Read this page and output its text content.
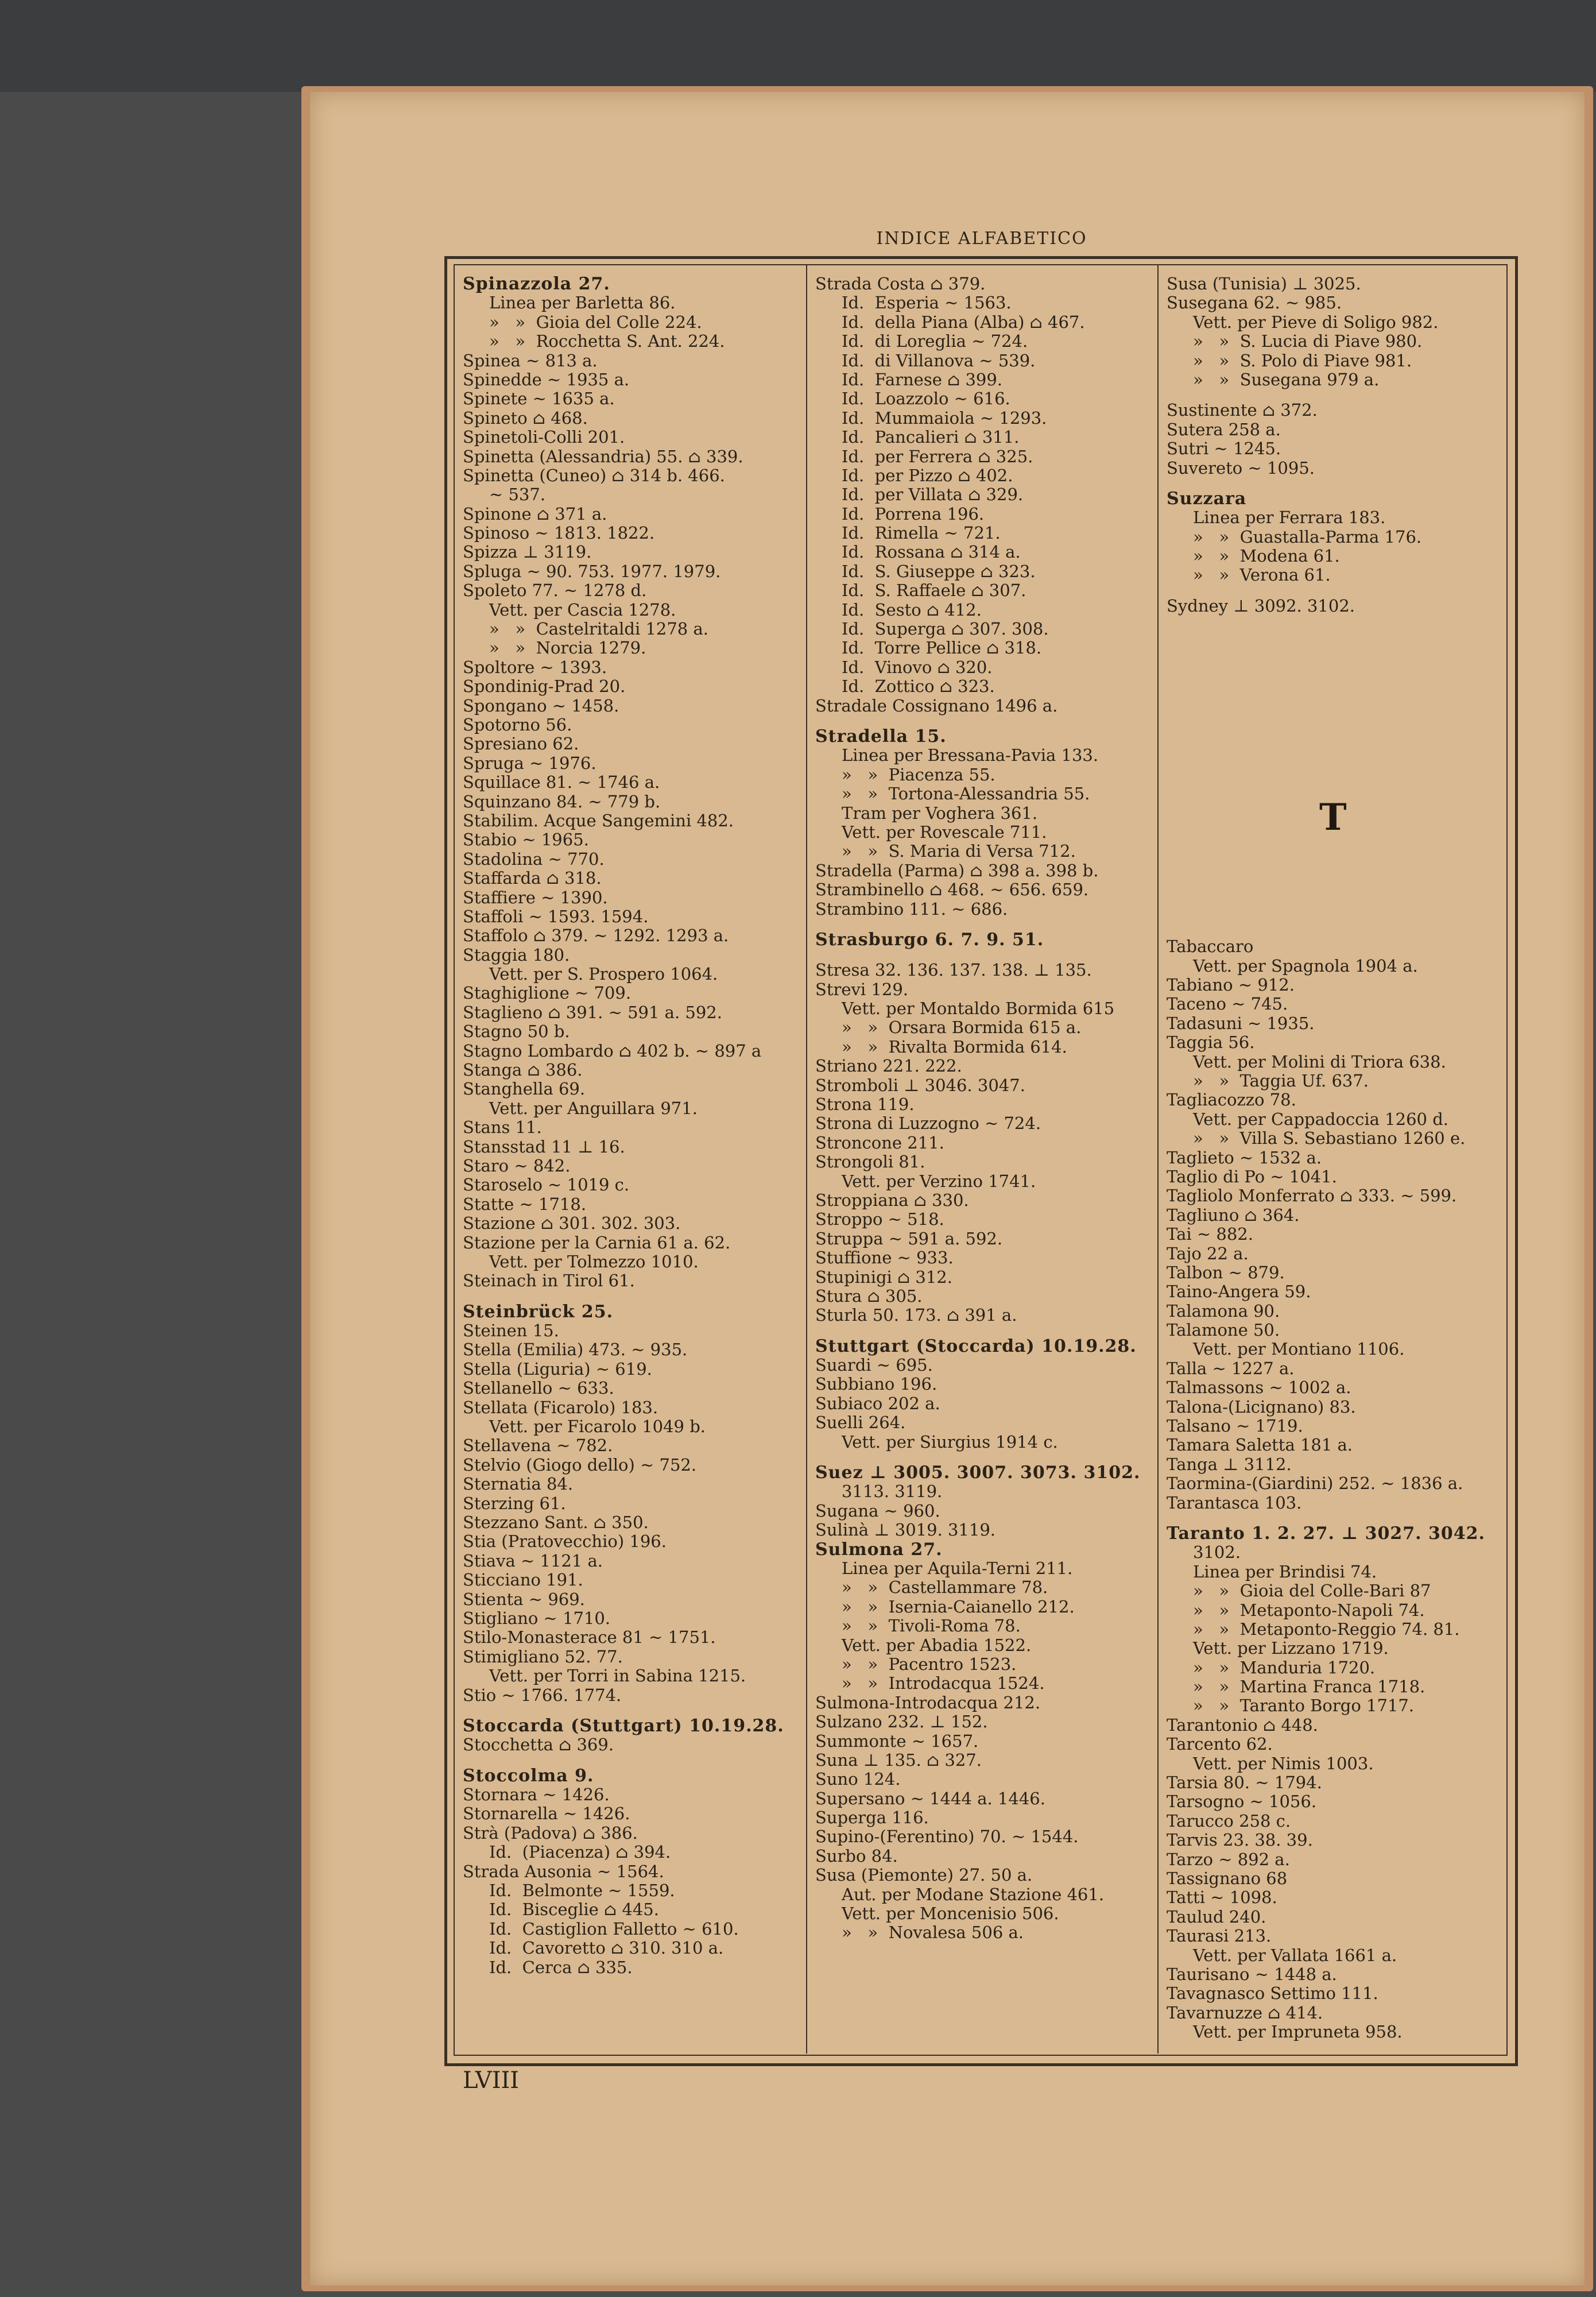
INDICE ALFABETICO
Spinazzola 27.
Linea per Barletta 86.
»   »  Gioia del Colle 224.
»   »  Rocchetta S. Ant. 224.
Spinea ~ 813 a.
Spinedde ~ 1935 a.
Spinete ~ 1635 a.
Spineto ⌂ 468.
Spinetoli-Colli 201.
Spinetta (Alessandria) 55. ⌂ 339.
Spinetta (Cuneo) ⌂ 314 b. 466.
~ 537.
Spinone ⌂ 371 a.
Spinoso ~ 1813. 1822.
Spizza ⊥ 3119.
Spluga ~ 90. 753. 1977. 1979.
Spoleto 77. ~ 1278 d.
Vett. per Cascia 1278.
»   »  Castelritaldi 1278 a.
»   »  Norcia 1279.
Spoltore ~ 1393.
Spondinig-Prad 20.
Spongano ~ 1458.
Spotorno 56.
Spresiano 62.
Spruga ~ 1976.
Squillace 81. ~ 1746 a.
Squinzano 84. ~ 779 b.
Stabilim. Acque Sangemini 482.
Stabio ~ 1965.
Stadolina ~ 770.
Staffarda ⌂ 318.
Staffiere ~ 1390.
Staffoli ~ 1593. 1594.
Staffolo ⌂ 379. ~ 1292. 1293 a.
Staggia 180.
Vett. per S. Prospero 1064.
Staghiglione ~ 709.
Staglieno ⌂ 391. ~ 591 a. 592.
Stagno 50 b.
Stagno Lombardo ⌂ 402 b. ~ 897 a
Stanga ⌂ 386.
Stanghella 69.
Vett. per Anguillara 971.
Stans 11.
Stansstad 11 ⊥ 16.
Staro ~ 842.
Staroselo ~ 1019 c.
Statte ~ 1718.
Stazione ⌂ 301. 302. 303.
Stazione per la Carnia 61 a. 62.
Vett. per Tolmezzo 1010.
Steinach in Tirol 61.
Steinbrück 25.
Steinen 15.
Stella (Emilia) 473. ~ 935.
Stella (Liguria) ~ 619.
Stellanello ~ 633.
Stellata (Ficarolo) 183.
Vett. per Ficarolo 1049 b.
Stellavena ~ 782.
Stelvio (Giogo dello) ~ 752.
Sternatia 84.
Sterzing 61.
Stezzano Sant. ⌂ 350.
Stia (Pratovecchio) 196.
Stiava ~ 1121 a.
Sticciano 191.
Stienta ~ 969.
Stigliano ~ 1710.
Stilo-Monasterace 81 ~ 1751.
Stimigliano 52. 77.
Vett. per Torri in Sabina 1215.
Stio ~ 1766. 1774.
Stoccarda (Stuttgart) 10.19.28.
Stocchetta ⌂ 369.
Stoccolma 9.
Stornara ~ 1426.
Stornarella ~ 1426.
Strà (Padova) ⌂ 386.
Id.  (Piacenza) ⌂ 394.
Strada Ausonia ~ 1564.
Id.  Belmonte ~ 1559.
Id.  Bisceglie ⌂ 445.
Id.  Castiglion Falletto ~ 610.
Id.  Cavoretto ⌂ 310. 310 a.
Id.  Cerca ⌂ 335.
Strada Costa ⌂ 379.
Id.  Esperia ~ 1563.
Id.  della Piana (Alba) ⌂ 467.
Id.  di Loreglia ~ 724.
Id.  di Villanova ~ 539.
Id.  Farnese ⌂ 399.
Id.  Loazzolo ~ 616.
Id.  Mummaiola ~ 1293.
Id.  Pancalieri ⌂ 311.
Id.  per Ferrera ⌂ 325.
Id.  per Pizzo ⌂ 402.
Id.  per Villata ⌂ 329.
Id.  Porrena 196.
Id.  Rimella ~ 721.
Id.  Rossana ⌂ 314 a.
Id.  S. Giuseppe ⌂ 323.
Id.  S. Raffaele ⌂ 307.
Id.  Sesto ⌂ 412.
Id.  Superga ⌂ 307. 308.
Id.  Torre Pellice ⌂ 318.
Id.  Vinovo ⌂ 320.
Id.  Zottico ⌂ 323.
Stradale Cossignano 1496 a.
Stradella 15.
Linea per Bressana-Pavia 133.
»   »  Piacenza 55.
»   »  Tortona-Alessandria 55.
Tram per Voghera 361.
Vett. per Rovescale 711.
»   »  S. Maria di Versa 712.
Stradella (Parma) ⌂ 398 a. 398 b.
Strambinello ⌂ 468. ~ 656. 659.
Strambino 111. ~ 686.
Strasburgo 6. 7. 9. 51.
Stresa 32. 136. 137. 138. ⊥ 135.
Strevi 129.
Vett. per Montaldo Bormida 615
»   »  Orsara Bormida 615 a.
»   »  Rivalta Bormida 614.
Striano 221. 222.
Stromboli ⊥ 3046. 3047.
Strona 119.
Strona di Luzzogno ~ 724.
Stroncone 211.
Strongoli 81.
Vett. per Verzino 1741.
Stroppiana ⌂ 330.
Stroppo ~ 518.
Struppa ~ 591 a. 592.
Stuffione ~ 933.
Stupinigi ⌂ 312.
Stura ⌂ 305.
Sturla 50. 173. ⌂ 391 a.
Stuttgart (Stoccarda) 10.19.28.
Suardi ~ 695.
Subbiano 196.
Subiaco 202 a.
Suelli 264.
Vett. per Siurgius 1914 c.
Suez ⊥ 3005. 3007. 3073. 3102.
3113. 3119.
Sugana ~ 960.
Sulinà ⊥ 3019. 3119.
Sulmona 27.
Linea per Aquila-Terni 211.
»   »  Castellammare 78.
»   »  Isernia-Caianello 212.
»   »  Tivoli-Roma 78.
Vett. per Abadia 1522.
»   »  Pacentro 1523.
»   »  Introdacqua 1524.
Sulmona-Introdacqua 212.
Sulzano 232. ⊥ 152.
Summonte ~ 1657.
Suna ⊥ 135. ⌂ 327.
Suno 124.
Supersano ~ 1444 a. 1446.
Superga 116.
Supino-(Ferentino) 70. ~ 1544.
Surbo 84.
Susa (Piemonte) 27. 50 a.
Aut. per Modane Stazione 461.
Vett. per Moncenisio 506.
»   »  Novalesa 506 a.
Susa (Tunisia) ⊥ 3025.
Susegana 62. ~ 985.
Vett. per Pieve di Soligo 982.
»   »  S. Lucia di Piave 980.
»   »  S. Polo di Piave 981.
»   »  Susegana 979 a.
Sustinente ⌂ 372.
Sutera 258 a.
Sutri ~ 1245.
Suvereto ~ 1095.
Suzzara
Linea per Ferrara 183.
»   »  Guastalla-Parma 176.
»   »  Modena 61.
»   »  Verona 61.
Sydney ⊥ 3092. 3102.
Tabaccaro
Vett. per Spagnola 1904 a.
Tabiano ~ 912.
Taceno ~ 745.
Tadasuni ~ 1935.
Taggia 56.
Vett. per Molini di Triora 638.
»   »  Taggia Uf. 637.
Tagliacozzo 78.
Vett. per Cappadoccia 1260 d.
»   »  Villa S. Sebastiano 1260 e.
Taglieto ~ 1532 a.
Taglio di Po ~ 1041.
Tagliolo Monferrato ⌂ 333. ~ 599.
Tagliuno ⌂ 364.
Tai ~ 882.
Tajo 22 a.
Talbon ~ 879.
Taino-Angera 59.
Talamona 90.
Talamone 50.
Vett. per Montiano 1106.
Talla ~ 1227 a.
Talmassons ~ 1002 a.
Talona-(Licignano) 83.
Talsano ~ 1719.
Tamara Saletta 181 a.
Tanga ⊥ 3112.
Taormina-(Giardini) 252. ~ 1836 a.
Tarantasca 103.
Taranto 1. 2. 27. ⊥ 3027. 3042.
3102.
Linea per Brindisi 74.
»   »  Gioia del Colle-Bari 87
»   »  Metaponto-Napoli 74.
»   »  Metaponto-Reggio 74. 81.
Vett. per Lizzano 1719.
»   »  Manduria 1720.
»   »  Martina Franca 1718.
»   »  Taranto Borgo 1717.
Tarantonio ⌂ 448.
Tarcento 62.
Vett. per Nimis 1003.
Tarsia 80. ~ 1794.
Tarsogno ~ 1056.
Tarucco 258 c.
Tarvis 23. 38. 39.
Tarzo ~ 892 a.
Tassignano 68
Tatti ~ 1098.
Taulud 240.
Taurasi 213.
Vett. per Vallata 1661 a.
Taurisano ~ 1448 a.
Tavagnasco Settimo 111.
Tavarnuzze ⌂ 414.
Vett. per Impruneta 958.
T
LVIII
